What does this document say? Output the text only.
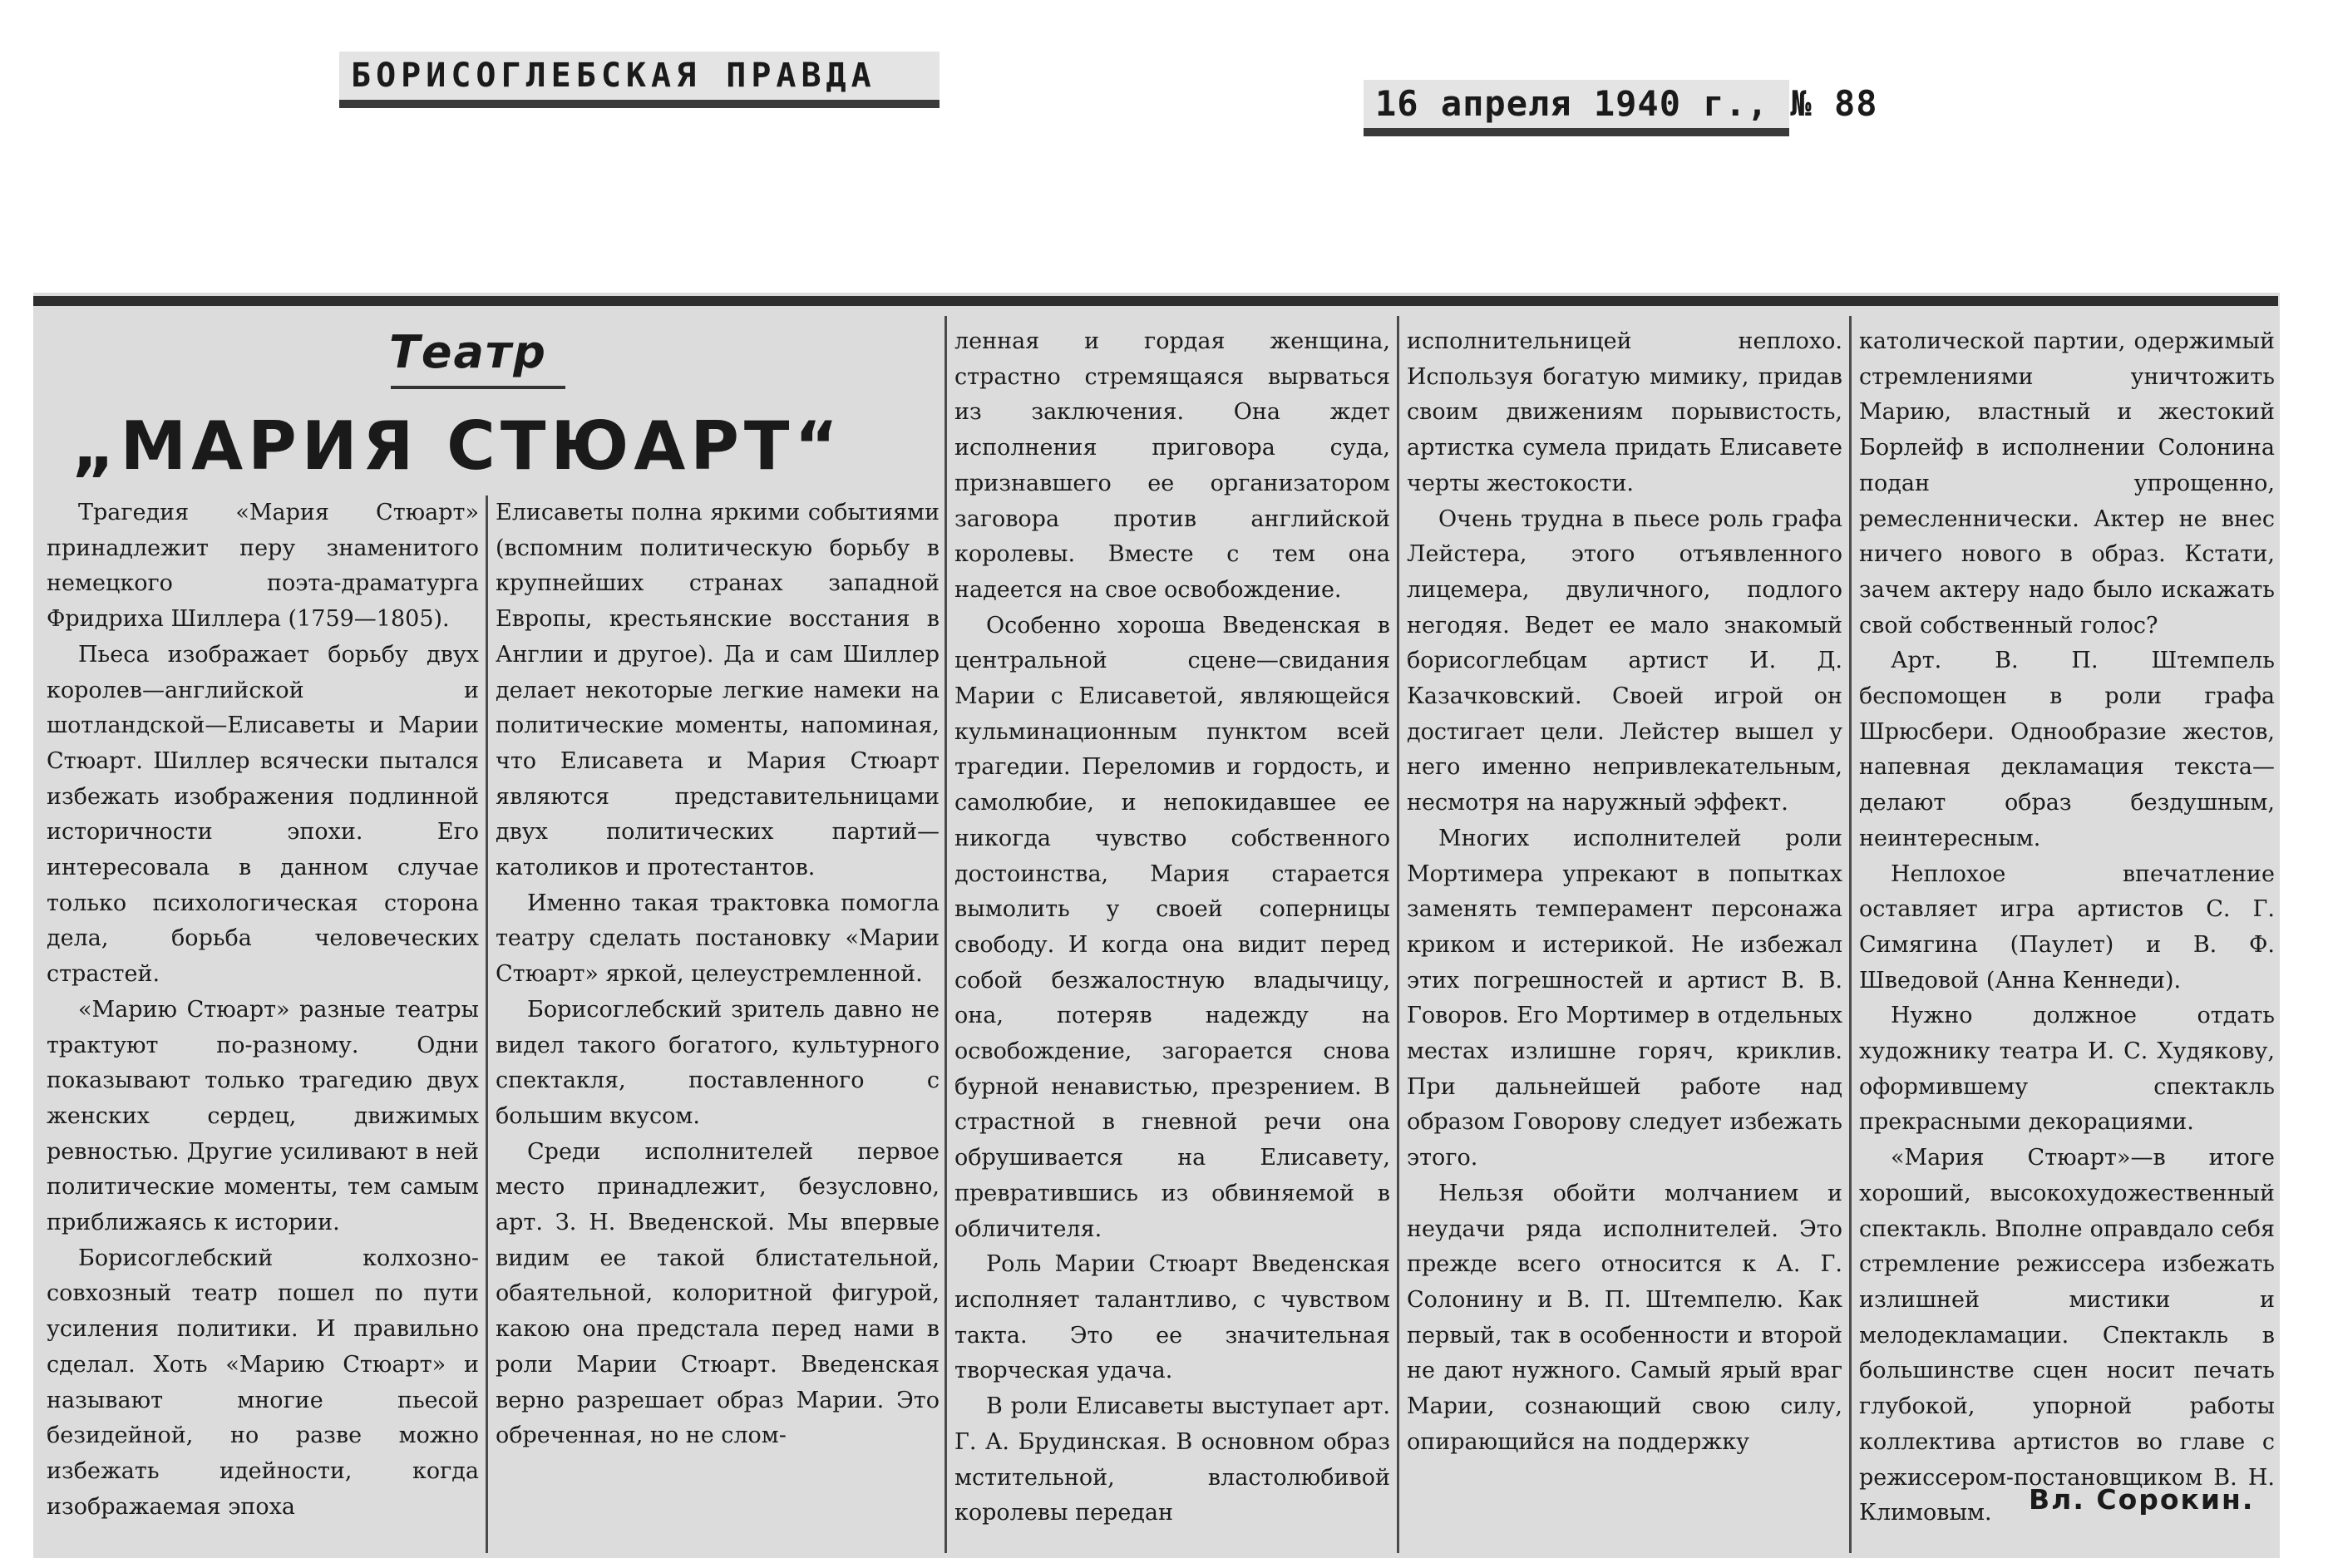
БОРИСОГЛЕБСКАЯ ПРАВДА
16 апреля 1940 г., № 88
Театр
„МАРИЯ СТЮАРТ“

Трагедия «Мария Стюарт» принадлежит перу знаменитого немецкого поэта-драматурга Фридриха Шиллера (1759—1805).

Пьеса изображает борьбу двух королев—английской и шотландской—Елисаветы и Марии Стюарт. Шиллер всячески пытался избежать изображения подлинной историчности эпохи. Его интересовала в данном случае только психологическая сторона дела, борьба человеческих страстей.

«Марию Стюарт» разные театры трактуют по-разному. Одни показывают только трагедию двух женских сердец, движимых ревностью. Другие усиливают в ней политические моменты, тем самым приближаясь к истории.

Борисоглебский колхозно-совхозный театр пошел по пути усиления политики. И правильно сделал. Хоть «Марию Стюарт» и называют многие пьесой безидейной, но разве можно избежать идейности, когда изображаемая эпоха

Елисаветы полна яркими событиями (вспомним политическую борьбу в крупнейших странах западной Европы, крестьянские восстания в Англии и другое). Да и сам Шиллер делает некоторые легкие намеки на политические моменты, напоминая, что Елисавета и Мария Стюарт являются представительницами двух политических партий—католиков и протестантов.

Именно такая трактовка помогла театру сделать постановку «Марии Стюарт» яркой, целеустремленной.

Борисоглебский зритель давно не видел такого богатого, культурного спектакля, поставленного с большим вкусом.

Среди исполнителей первое место принадлежит, безусловно, арт. З. Н. Введенской. Мы впервые видим ее такой блистательной, обаятельной, колоритной фигурой, какою она предстала перед нами в роли Марии Стюарт. Введенская верно разрешает образ Марии. Это обреченная, но не слом-

ленная и гордая женщина, страстно стремящаяся вырваться из заключения. Она ждет исполнения приговора суда, признавшего ее организатором заговора против английской королевы. Вместе с тем она надеется на свое освобождение.

Особенно хороша Введенская в центральной сцене—свидания Марии с Елисаветой, являющейся кульминационным пунктом всей трагедии. Переломив и гордость, и самолюбие, и непокидавшее ее никогда чувство собственного достоинства, Мария старается вымолить у своей соперницы свободу. И когда она видит перед собой безжалостную владычицу, она, потеряв надежду на освобождение, загорается снова бурной ненавистью, презрением. В страстной в гневной речи она обрушивается на Елисавету, превратившись из обвиняемой в обличителя.

Роль Марии Стюарт Введенская исполняет талантливо, с чувством такта. Это ее значительная творческая удача.

В роли Елисаветы выступает арт. Г. А. Брудинская. В основном образ мстительной, властолюбивой королевы передан

исполнительницей неплохо. Используя богатую мимику, придав своим движениям порывистость, артистка сумела придать Елисавете черты жестокости.

Очень трудна в пьесе роль графа Лейстера, этого отъявленного лицемера, двуличного, подлого негодяя. Ведет ее мало знакомый борисоглебцам артист И. Д. Казачковский. Своей игрой он достигает цели. Лейстер вышел у него именно непривлекательным, несмотря на наружный эффект.

Многих исполнителей роли Мортимера упрекают в попытках заменять темперамент персонажа криком и истерикой. Не избежал этих погрешностей и артист В. В. Говоров. Его Мортимер в отдельных местах излишне горяч, криклив. При дальнейшей работе над образом Говорову следует избежать этого.

Нельзя обойти молчанием и неудачи ряда исполнителей. Это прежде всего относится к А. Г. Солонину и В. П. Штемпелю. Как первый, так в особенности и второй не дают нужного. Самый ярый враг Марии, сознающий свою силу, опирающийся на поддержку

католической партии, одержимый стремлениями уничтожить Марию, властный и жестокий Борлейф в исполнении Солонина подан упрощенно, ремесленнически. Актер не внес ничего нового в образ. Кстати, зачем актеру надо было искажать свой собственный голос?

Арт. В. П. Штемпель беспомощен в роли графа Шрюсбери. Однообразие жестов, напевная декламация текста—делают образ бездушным, неинтересным.

Неплохое впечатление оставляет игра артистов С. Г. Симягина (Паулет) и В. Ф. Шведовой (Анна Кеннеди).

Нужно должное отдать художнику театра И. С. Худякову, оформившему спектакль прекрасными декорациями.

«Мария Стюарт»—в итоге хороший, высокохудожественный спектакль. Вполне оправдало себя стремление режиссера избежать излишней мистики и мелодекламации. Спектакль в большинстве сцен носит печать глубокой, упорной работы коллектива артистов во главе с режиссером-постановщиком В. Н. Климовым.	Вл. Сорокин.
